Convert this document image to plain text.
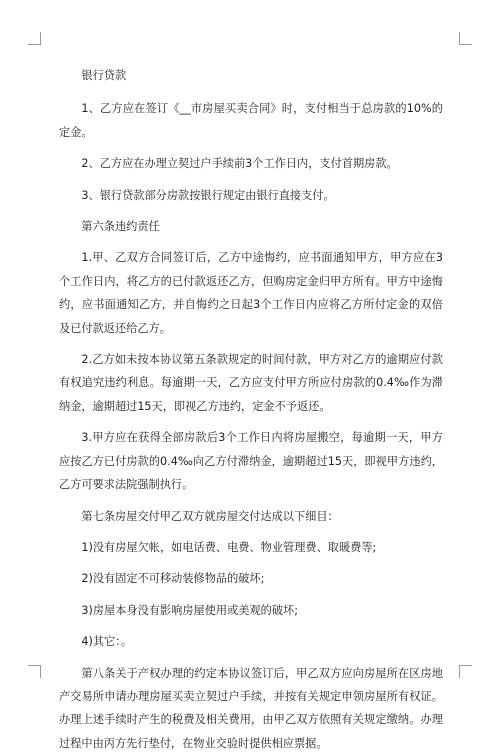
银行贷款

1、乙方应在签订《__市房屋买卖合同》时，支付相当于总房款的10%的定金。

2、乙方应在办理立契过户手续前3个工作日内，支付首期房款。

3、银行贷款部分房款按银行规定由银行直接支付。

第六条违约责任

1.甲、乙双方合同签订后，乙方中途悔约，应书面通知甲方，甲方应在3个工作日内，将乙方的已付款返还乙方，但购房定金归甲方所有。甲方中途悔约，应书面通知乙方，并自悔约之日起3个工作日内应将乙方所付定金的双倍及已付款返还给乙方。

2.乙方如未按本协议第五条款规定的时间付款，甲方对乙方的逾期应付款有权追究违约利息。每逾期一天，乙方应支付甲方所应付房款的0.4‰作为滞纳金，逾期超过15天，即视乙方违约，定金不予返还。

3.甲方应在获得全部房款后3个工作日内将房屋搬空，每逾期一天，甲方应按乙方已付房款的0.4‰向乙方付滞纳金，逾期超过15天，即视甲方违约，乙方可要求法院强制执行。

第七条房屋交付甲乙双方就房屋交付达成以下细目：

1)没有房屋欠帐，如电话费、电费、物业管理费、取暖费等;

2)没有固定不可移动装修物品的破坏;

3)房屋本身没有影响房屋使用或美观的破坏;

4)其它：。

第八条关于产权办理的约定本协议签订后，甲乙双方应向房屋所在区房地产交易所申请办理房屋买卖立契过户手续，并按有关规定申领房屋所有权证。办理上述手续时产生的税费及相关费用，由甲乙双方依照有关规定缴纳。办理过程中由丙方先行垫付，在物业交验时提供相应票据。
